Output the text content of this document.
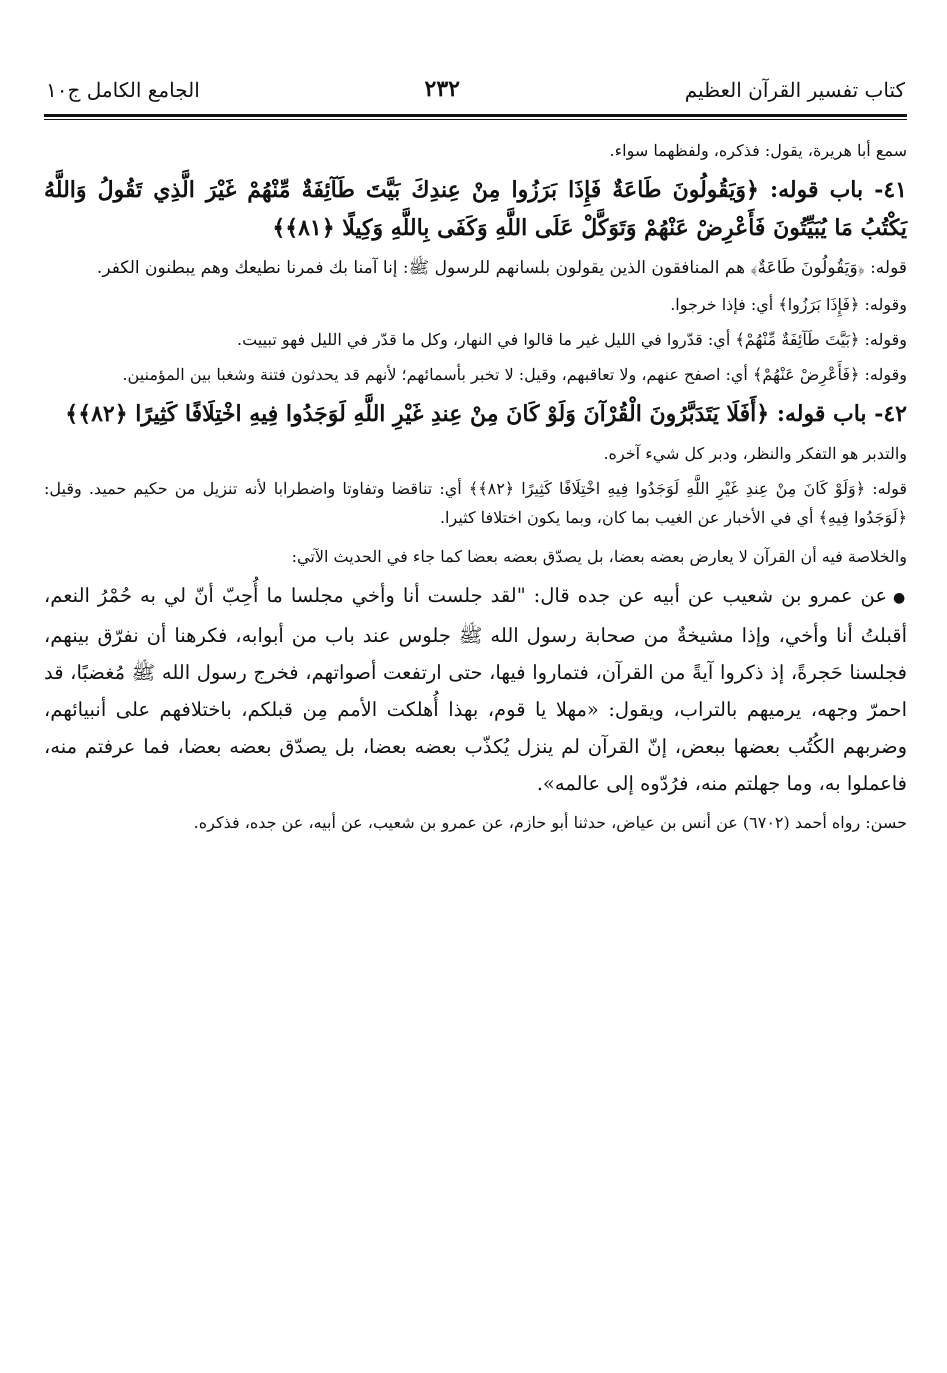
كتاب تفسير القرآن العظيم
٢٣٢
الجامع الكامل ج١٠

سمع أبا هريرة، يقول: فذكره، ولفظهما سواء.

٤١- باب قوله: ﴿وَيَقُولُونَ طَاعَةٌ فَإِذَا بَرَزُوا مِنْ عِندِكَ بَيَّتَ طَآئِفَةٌ مِّنْهُمْ غَيْرَ الَّذِي تَقُولُ وَاللَّهُ يَكْتُبُ مَا يُبَيِّتُونَ فَأَعْرِضْ عَنْهُمْ وَتَوَكَّلْ عَلَى اللَّهِ وَكَفَى بِاللَّهِ وَكِيلًا ﴿٨١﴾﴾

قوله: ﴿وَيَقُولُونَ طَاعَةٌ﴾ هم المنافقون الذين يقولون بلسانهم للرسول ﷺ: إنا آمنا بك فمرنا نطيعك وهم يبطنون الكفر.

وقوله: ﴿فَإِذَا بَرَزُوا﴾ أي: فإذا خرجوا.

وقوله: ﴿بَيَّتَ طَآئِفَةٌ مِّنْهُمْ﴾ أي: قدّروا في الليل غير ما قالوا في النهار، وكل ما قدّر في الليل فهو تبييت.

وقوله: ﴿فَأَعْرِضْ عَنْهُمْ﴾ أي: اصفح عنهم، ولا تعاقبهم، وقيل: لا تخبر بأسمائهم؛ لأنهم قد يحدثون فتنة وشغبا بين المؤمنين.

٤٢- باب قوله: ﴿أَفَلَا يَتَدَبَّرُونَ الْقُرْآنَ وَلَوْ كَانَ مِنْ عِندِ غَيْرِ اللَّهِ لَوَجَدُوا فِيهِ اخْتِلَافًا كَثِيرًا ﴿٨٢﴾﴾

والتدبر هو التفكر والنظر، ودبر كل شيء آخره.

قوله: ﴿وَلَوْ كَانَ مِنْ عِندِ غَيْرِ اللَّهِ لَوَجَدُوا فِيهِ اخْتِلَافًا كَثِيرًا ﴿٨٢﴾﴾ أي: تناقضا وتفاوتا واضطرابا لأنه تنزيل من حكيم حميد. وقيل: ﴿لَوَجَدُوا فِيهِ﴾ أي في الأخبار عن الغيب بما كان، وبما يكون اختلافا كثيرا.

والخلاصة فيه أن القرآن لا يعارض بعضه بعضا، بل يصدّق بعضه بعضا كما جاء في الحديث الآتي:

●عن عمرو بن شعيب عن أبيه عن جده قال: "لقد جلست أنا وأخي مجلسا ما أُحِبّ أنّ لي به حُمْرُ النعم، أقبلتُ أنا وأخي، وإذا مشيخةٌ من صحابة رسول الله ﷺ جلوس عند باب من أبوابه، فكرهنا أن نفرّق بينهم، فجلسنا حَجرةً، إذ ذكروا آيةً من القرآن، فتماروا فيها، حتى ارتفعت أصواتهم، فخرج رسول الله ﷺ مُغضبًا، قد احمرّ وجهه، يرميهم بالتراب، ويقول: «مهلا يا قوم، بهذا أُهلكت الأمم مِن قبلكم، باختلافهم على أنبيائهم، وضربهم الكُتُب بعضها ببعض، إنّ القرآن لم ينزل يُكذّب بعضه بعضا، بل يصدّق بعضه بعضا، فما عرفتم منه، فاعملوا به، وما جهلتم منه، فرُدّوه إلى عالمه».

حسن: رواه أحمد (٦٧٠٢) عن أنس بن عياض، حدثنا أبو حازم، عن عمرو بن شعيب، عن أبيه، عن جده، فذكره.
